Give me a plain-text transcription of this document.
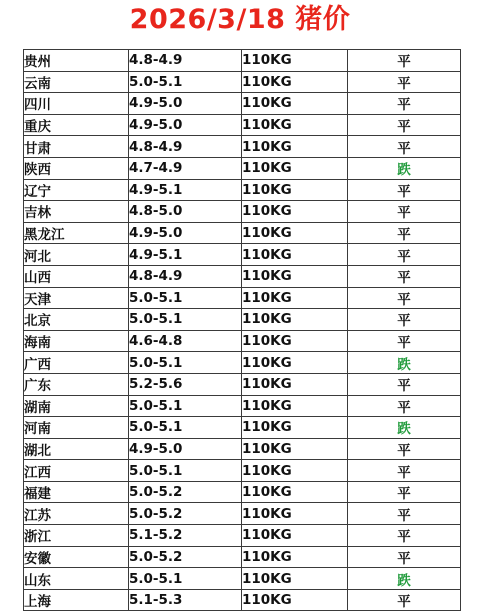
2026/3/18 猪价
贵州	4.8-4.9	110KG	平
云南	5.0-5.1	110KG	平
四川	4.9-5.0	110KG	平
重庆	4.9-5.0	110KG	平
甘肃	4.8-4.9	110KG	平
陕西	4.7-4.9	110KG	跌
辽宁	4.9-5.1	110KG	平
吉林	4.8-5.0	110KG	平
黑龙江	4.9-5.0	110KG	平
河北	4.9-5.1	110KG	平
山西	4.8-4.9	110KG	平
天津	5.0-5.1	110KG	平
北京	5.0-5.1	110KG	平
海南	4.6-4.8	110KG	平
广西	5.0-5.1	110KG	跌
广东	5.2-5.6	110KG	平
湖南	5.0-5.1	110KG	平
河南	5.0-5.1	110KG	跌
湖北	4.9-5.0	110KG	平
江西	5.0-5.1	110KG	平
福建	5.0-5.2	110KG	平
江苏	5.0-5.2	110KG	平
浙江	5.1-5.2	110KG	平
安徽	5.0-5.2	110KG	平
山东	5.0-5.1	110KG	跌
上海	5.1-5.3	110KG	平
